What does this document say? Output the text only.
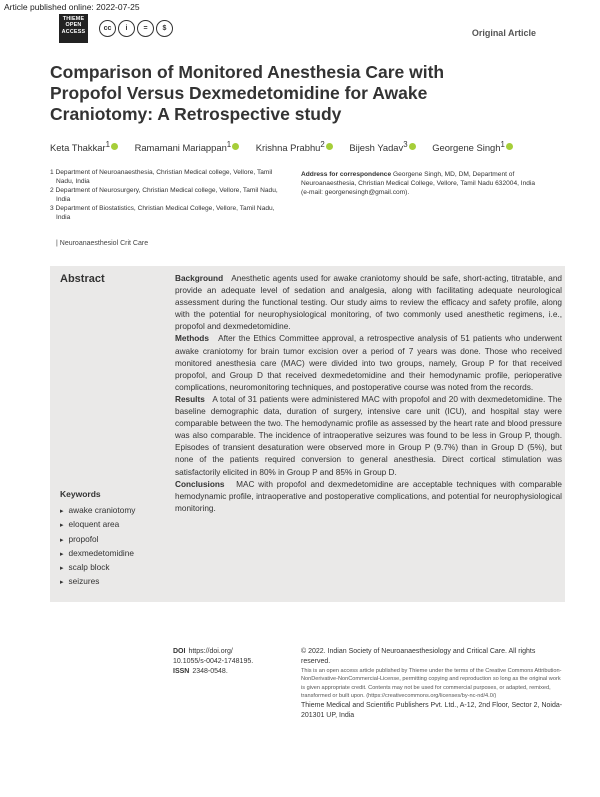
Article published online: 2022-07-25
THIEME
OPEN
ACCESS	cc	i	=	$	Original Article
Comparison of Monitored Anesthesia Care with Propofol Versus Dexmedetomidine for Awake Craniotomy: A Retrospective study
Keta Thakkar$^1$	Ramamani Mariappan$^1$	Krishna Prabhu$^2$	Bijesh Yadav$^3$	Georgene Singh$^1$
1 Department of Neuroanaesthesia, Christian Medical college, Vellore, Tamil Nadu, India
2 Department of Neurosurgery, Christian Medical college, Vellore, Tamil Nadu, India
3 Department of Biostatistics, Christian Medical College, Vellore, Tamil Nadu, India
Address for correspondence Georgene Singh, MD, DM, Department of Neuroanaesthesia, Christian Medical College, Vellore, Tamil Nadu 632004, India (e-mail: georgenesingh@gmail.com).
| Neuroanaesthesiol Crit Care
Abstract	Background Anesthetic agents used for awake craniotomy should be safe, short-acting, titratable, and provide an adequate level of sedation and analgesia, along with facilitating adequate neurological assessment during the functional testing. Our study aims to review the efficacy and safety profile, along with the potential for neurophysiological monitoring, of two commonly used anesthetic regimens, i.e., propofol and dexmedetomidine.

Methods After the Ethics Committee approval, a retrospective analysis of 51 patients who underwent awake craniotomy for brain tumor excision over a period of 7 years was done. Those who received monitored anesthesia care (MAC) were divided into two groups, namely, Group P for that received propofol, and Group D that received dexmedetomidine and their hemodynamic profile, perioperative complications, neuromonitoring techniques, and postoperative course was noted from the records.

Results A total of 31 patients were administered MAC with propofol and 20 with dexmedetomidine. The baseline demographic data, duration of surgery, intensive care unit (ICU), and hospital stay were comparable between the two. The hemodynamic profile as assessed by the heart rate and blood pressure was also comparable. The incidence of intraoperative seizures was found to be less in Group P, though. Episodes of transient desaturation were observed more in Group P (9.7%) than in Group D (5%), but none of the patients required conversion to general anesthesia. Direct cortical stimulation was satisfactorily elicited in 80% in Group P and 85% in Group D.

Conclusions MAC with propofol and dexmedetomidine are acceptable techniques with comparable hemodynamic profile, intraoperative and postoperative complications, and potential for neurophysiological monitoring.

Keywords
▸ awake craniotomy
▸ eloquent area
▸ propofol
▸ dexmedetomidine
▸ scalp block
▸ seizures
DOI https://doi.org/
10.1055/s-0042-1748195.
ISSN 2348-0548.
© 2022. Indian Society of Neuroanaesthesiology and Critical Care. All rights reserved.
This is an open access article published by Thieme under the terms of the Creative Commons Attribution-NonDerivative-NonCommercial-License, permitting copying and reproduction so long as the original work is given appropriate credit. Contents may not be used for commercial purposes, or adapted, remixed, transformed or built upon. (https://creativecommons.org/licenses/by-nc-nd/4.0/)
Thieme Medical and Scientific Publishers Pvt. Ltd., A-12, 2nd Floor, Sector 2, Noida-201301 UP, India
